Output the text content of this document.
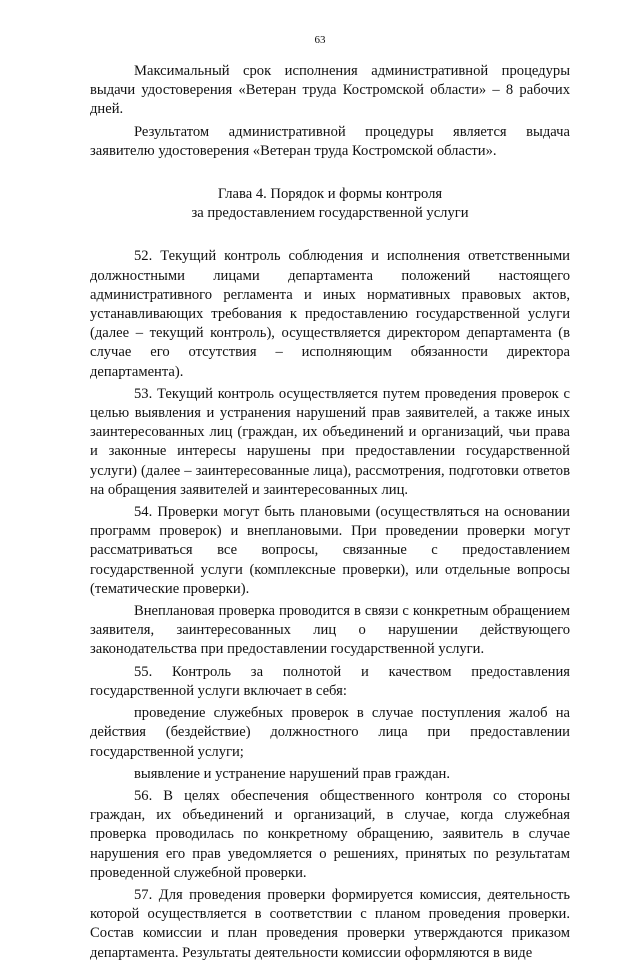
63

Максимальный срок исполнения административной процедуры выдачи удостоверения «Ветеран труда Костромской области» – 8 рабочих дней.

Результатом административной процедуры является выдача заявителю удостоверения «Ветеран труда Костромской области».

Глава 4. Порядок и формы контроля
за предоставлением государственной услуги

52. Текущий контроль соблюдения и исполнения ответственными должностными лицами департамента положений настоящего административного регламента и иных нормативных правовых актов, устанавливающих требования к предоставлению государственной услуги (далее – текущий контроль), осуществляется директором департамента (в случае его отсутствия – исполняющим обязанности директора департамента).

53. Текущий контроль осуществляется путем проведения проверок с целью выявления и устранения нарушений прав заявителей, а также иных заинтересованных лиц (граждан, их объединений и организаций, чьи права и законные интересы нарушены при предоставлении государственной услуги) (далее – заинтересованные лица), рассмотрения, подготовки ответов на обращения заявителей и заинтересованных лиц.

54. Проверки могут быть плановыми (осуществляться на основании программ проверок) и внеплановыми. При проведении проверки могут рассматриваться все вопросы, связанные с предоставлением государственной услуги (комплексные проверки), или отдельные вопросы (тематические проверки).

Внеплановая проверка проводится в связи с конкретным обращением заявителя, заинтересованных лиц о нарушении действующего законодательства при предоставлении государственной услуги.

55. Контроль за полнотой и качеством предоставления государственной услуги включает в себя:

проведение служебных проверок в случае поступления жалоб на действия (бездействие) должностного лица при предоставлении государственной услуги;

выявление и устранение нарушений прав граждан.

56. В целях обеспечения общественного контроля со стороны граждан, их объединений и организаций, в случае, когда служебная проверка проводилась по конкретному обращению, заявитель в случае нарушения его прав уведомляется о решениях, принятых по результатам проведенной служебной проверки.

57. Для проведения проверки формируется комиссия, деятельность которой осуществляется в соответствии с планом проведения проверки. Состав комиссии и план проведения проверки утверждаются приказом департамента. Результаты деятельности комиссии оформляются в виде
